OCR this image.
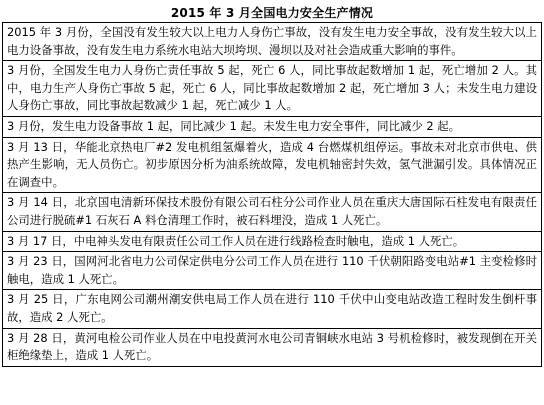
2015 年 3 月全国电力安全生产情况
2015 年 3 月份，全国没有发生较大以上电力人身伤亡事故，没有发生电力安全事故，没有发生较大以上电力设备事故，没有发生电力系统水电站大坝垮坝、漫坝以及对社会造成重大影响的事件。
3 月份，全国发生电力人身伤亡责任事故 5 起，死亡 6 人，同比事故起数增加 1 起，死亡增加 2 人。其中，电力生产人身伤亡事故 5 起，死亡 6 人，同比事故起数增加 2 起，死亡增加 3 人；未发生电力建设人身伤亡事故，同比事故起数减少 1 起，死亡减少 1 人。
3 月份，发生电力设备事故 1 起，同比减少 1 起。未发生电力安全事件，同比减少 2 起。
3 月 13 日，华能北京热电厂#2 发电机组氢爆着火，造成 4 台燃煤机组停运。事故未对北京市供电、供热产生影响，无人员伤亡。初步原因分析为油系统故障，发电机轴密封失效，氢气泄漏引发。具体情况正在调查中。
3 月 14 日，北京国电清新环保技术股份有限公司石柱分公司作业人员在重庆大唐国际石柱发电有限责任公司进行脱硫#1 石灰石 A 料仓清理工作时，被石料埋没，造成 1 人死亡。
3 月 17 日，中电神头发电有限责任公司工作人员在进行线路检查时触电，造成 1 人死亡。
3 月 23 日，国网河北省电力公司保定供电分公司工作人员在进行 110 千伏朝阳路变电站#1 主变检修时触电，造成 1 人死亡。
3 月 25 日，广东电网公司潮州潮安供电局工作人员在进行 110 千伏中山变电站改造工程时发生倒杆事故，造成 2 人死亡。
3 月 28 日，黄河电检公司作业人员在中电投黄河水电公司青铜峡水电站 3 号机检修时，被发现倒在开关柜绝缘垫上，造成 1 人死亡。
